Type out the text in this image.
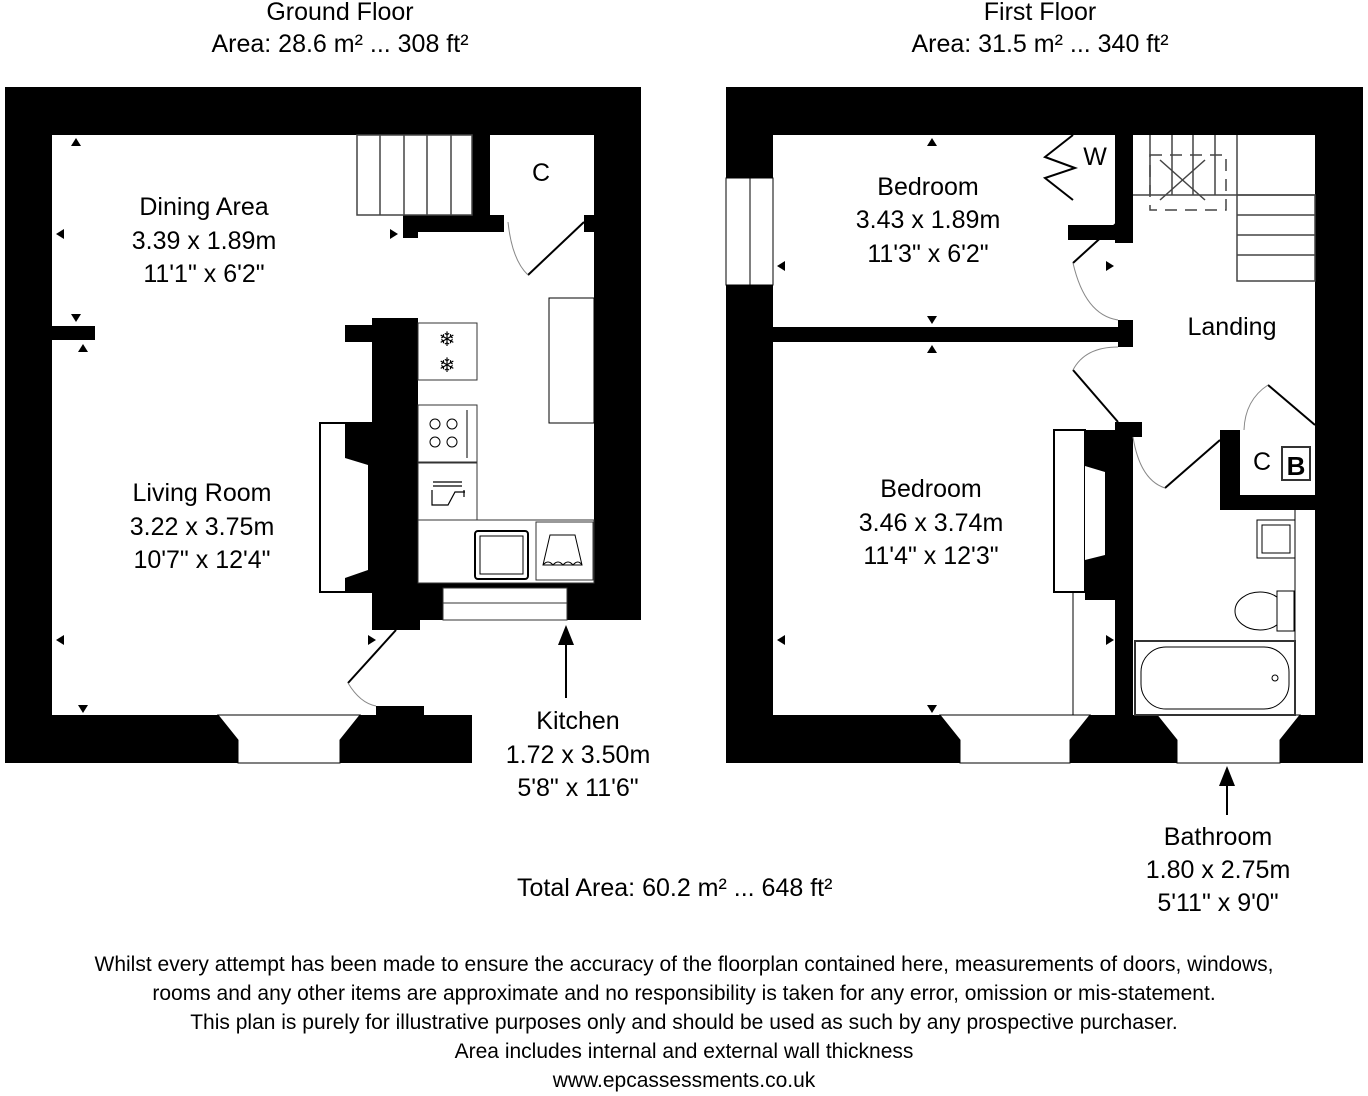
❄
❄
C
Dining Area
3.39 x 1.89m
11'1" x 6'2"
Living Room
3.22 x 3.75m
10'7" x 12'4"
Kitchen
1.72 x 3.50m
5'8" x 11'6"
Ground Floor
Area: 28.6 m² ... 308 ft²
B
C
W
Bedroom
3.43 x 1.89m
11'3" x 6'2"
Bedroom
3.46 x 3.74m
11'4" x 12'3"
Landing
Bathroom
1.80 x 2.75m
5'11" x 9'0"
First Floor
Area: 31.5 m² ... 340 ft²
Total Area: 60.2 m² ... 648 ft²
Whilst every attempt has been made to ensure the accuracy of the floorplan contained here, measurements of doors, windows,
rooms and any other items are approximate and no responsibility is taken for any error, omission or mis-statement.
This plan is purely for illustrative purposes only and should be used as such by any prospective purchaser.
Area includes internal and external wall thickness
www.epcassessments.co.uk
